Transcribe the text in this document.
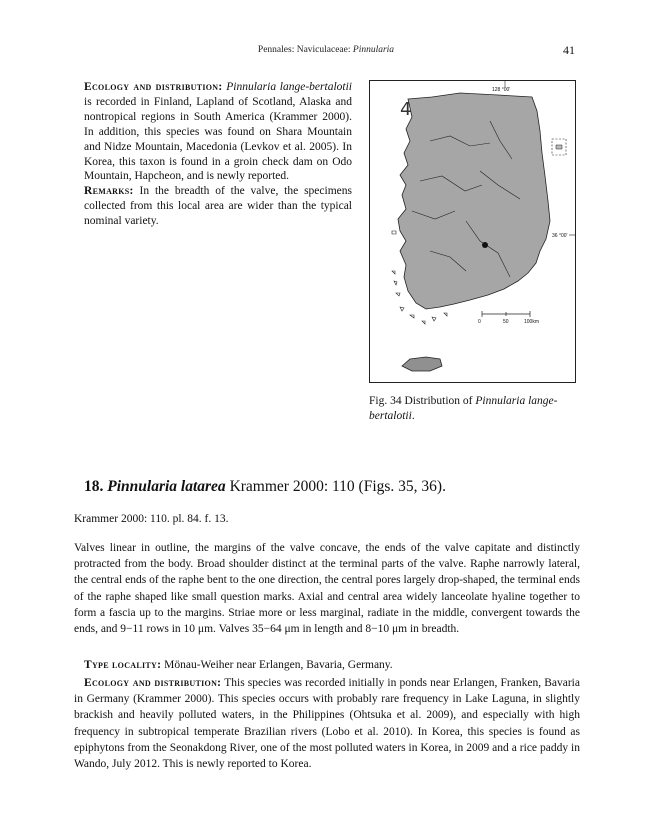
Pennales: Naviculaceae: Pinnularia	41

Ecology and distribution: Pinnularia lange-bertalotii is recorded in Finland, Lapland of Scotland, Alaska and nontropical regions in South America (Krammer 2000). In addition, this species was found on Shara Mountain and Nidze Mountain, Macedonia (Levkov et al. 2005). In Korea, this taxon is found in a groin check dam on Odo Mountain, Hapcheon, and is newly reported.

Remarks: In the breadth of the valve, the specimens collected from this local area are wider than the typical nominal variety.

0	50	100km
128 °00'
36 °00'
4
Fig. 34 Distribution of Pinnularia lange-bertalotii.
18. Pinnularia latarea Krammer 2000: 110 (Figs. 35, 36).
Krammer 2000: 110. pl. 84. f. 13.

Valves linear in outline, the margins of the valve concave, the ends of the valve capitate and distinctly protracted from the body. Broad shoulder distinct at the terminal parts of the valve. Raphe narrowly lateral, the central ends of the raphe bent to the one direction, the central pores largely drop-shaped, the terminal ends of the raphe shaped like small question marks. Axial and central area widely lanceolate hyaline together to form a fascia up to the margins. Striae more or less marginal, radiate in the middle, convergent towards the ends, and 9−11 rows in 10 μm. Valves 35−64 μm in length and 8−10 μm in breadth.

Type locality: Mönau-Weiher near Erlangen, Bavaria, Germany.

Ecology and distribution: This species was recorded initially in ponds near Erlangen, Franken, Bavaria in Germany (Krammer 2000). This species occurs with probably rare frequency in Lake Laguna, in slightly brackish and heavily polluted waters, in the Philippines (Ohtsuka et al. 2009), and especially with high frequency in subtropical temperate Brazilian rivers (Lobo et al. 2010). In Korea, this species is found as epiphytons from the Seonakdong River, one of the most polluted waters in Korea, in 2009 and a rice paddy in Wando, July 2012. This is newly reported to Korea.
